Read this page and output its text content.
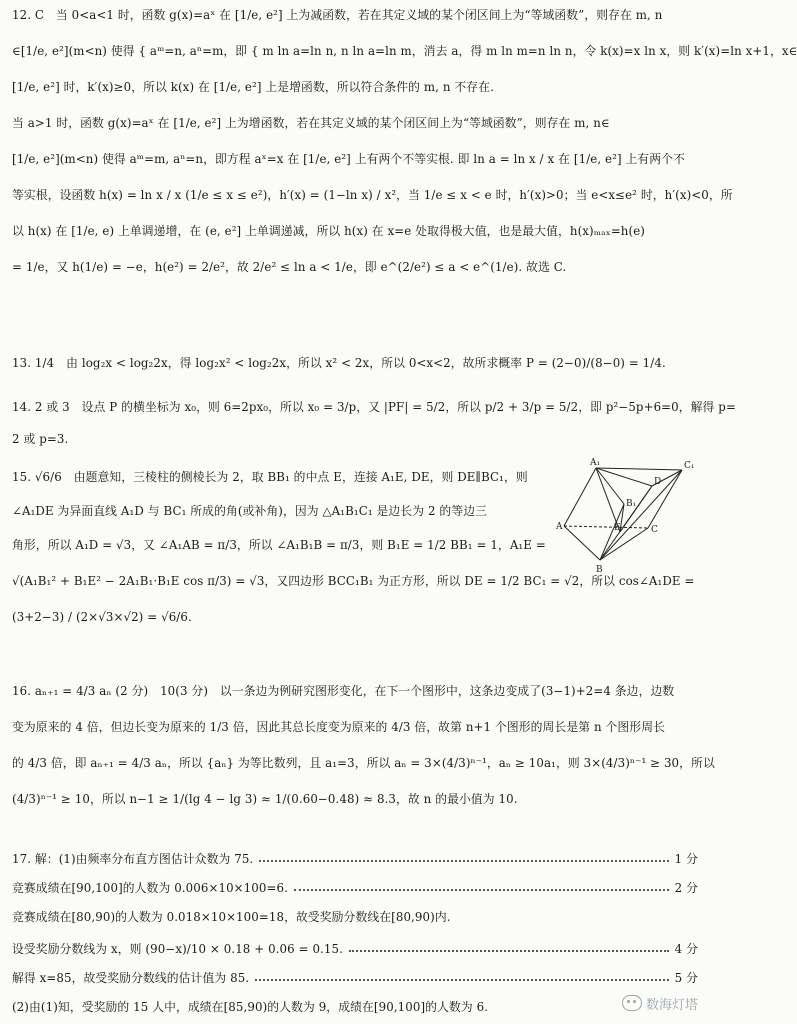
12. C　当 0<a<1 时，函数 g(x)=aˣ 在 [1/e, e²] 上为减函数，若在其定义域的某个闭区间上为“等域函数”，则存在 m, n
∈[1/e, e²](m<n) 使得 { aᵐ=n, aⁿ=m，即 { m ln a=ln n, n ln a=ln m，消去 a，得 m ln m=n ln n，令 k(x)=x ln x，则 k′(x)=ln x+1，x∈
[1/e, e²] 时，k′(x)≥0，所以 k(x) 在 [1/e, e²] 上是增函数，所以符合条件的 m, n 不存在.
当 a>1 时，函数 g(x)=aˣ 在 [1/e, e²] 上为增函数，若在其定义域的某个闭区间上为“等域函数”，则存在 m, n∈
[1/e, e²](m<n) 使得 aᵐ=m, aⁿ=n，即方程 aˣ=x 在 [1/e, e²] 上有两个不等实根. 即 ln a = ln x / x 在 [1/e, e²] 上有两个不
等实根，设函数 h(x) = ln x / x (1/e ≤ x ≤ e²)，h′(x) = (1−ln x) / x²，当 1/e ≤ x < e 时，h′(x)>0；当 e<x≤e² 时，h′(x)<0，所
以 h(x) 在 [1/e, e) 上单调递增，在 (e, e²] 上单调递减，所以 h(x) 在 x=e 处取得极大值，也是最大值，h(x)ₘₐₓ=h(e)
= 1/e，又 h(1/e) = −e，h(e²) = 2/e²，故 2/e² ≤ ln a < 1/e，即 e^(2/e²) ≤ a < e^(1/e). 故选 C.
13. 1/4　由 log₂x < log₂2x，得 log₂x² < log₂2x，所以 x² < 2x，所以 0<x<2，故所求概率 P = (2−0)/(8−0) = 1/4.
14. 2 或 3　设点 P 的横坐标为 x₀，则 6=2px₀，所以 x₀ = 3/p，又 |PF| = 5/2，所以 p/2 + 3/p = 5/2，即 p²−5p+6=0，解得 p=
2 或 p=3.
15. √6/6　由题意知，三棱柱的侧棱长为 2，取 BB₁ 的中点 E，连接 A₁E, DE，则 DE∥BC₁，则
∠A₁DE 为异面直线 A₁D 与 BC₁ 所成的角(或补角)，因为 △A₁B₁C₁ 是边长为 2 的等边三
角形，所以 A₁D = √3，又 ∠A₁AB = π/3，所以 ∠A₁B₁B = π/3，则 B₁E = 1/2 BB₁ = 1，A₁E =
√(A₁B₁² + B₁E² − 2A₁B₁·B₁E cos π/3) = √3，又四边形 BCC₁B₁ 为正方形，所以 DE = 1/2 BC₁ = √2，所以 cos∠A₁DE =
(3+2−3) / (2×√3×√2) = √6/6.
A₁	C₁
D
B₁
E
A	C
B
16. aₙ₊₁ = 4/3 aₙ (2 分)　10(3 分)　以一条边为例研究图形变化，在下一个图形中，这条边变成了(3−1)+2=4 条边，边数
变为原来的 4 倍，但边长变为原来的 1/3 倍，因此其总长度变为原来的 4/3 倍，故第 n+1 个图形的周长是第 n 个图形周长
的 4/3 倍，即 aₙ₊₁ = 4/3 aₙ，所以 {aₙ} 为等比数列，且 a₁=3，所以 aₙ = 3×(4/3)ⁿ⁻¹，aₙ ≥ 10a₁，则 3×(4/3)ⁿ⁻¹ ≥ 30，所以
(4/3)ⁿ⁻¹ ≥ 10，所以 n−1 ≥ 1/(lg 4 − lg 3) ≈ 1/(0.60−0.48) ≈ 8.3，故 n 的最小值为 10.
17. 解：(1)由频率分布直方图估计众数为 75.	1 分

竞赛成绩在[90,100]的人数为 0.006×10×100=6.	2 分
竞赛成绩在[80,90)的人数为 0.018×10×100=18，故受奖励分数线在[80,90)内.
设受奖励分数线为 x，则 (90−x)/10 × 0.18 + 0.06 = 0.15.	4 分

解得 x=85，故受奖励分数线的估计值为 85.	5 分
(2)由(1)知，受奖励的 15 人中，成绩在[85,90)的人数为 9，成绩在[90,100]的人数为 6.	数海灯塔
